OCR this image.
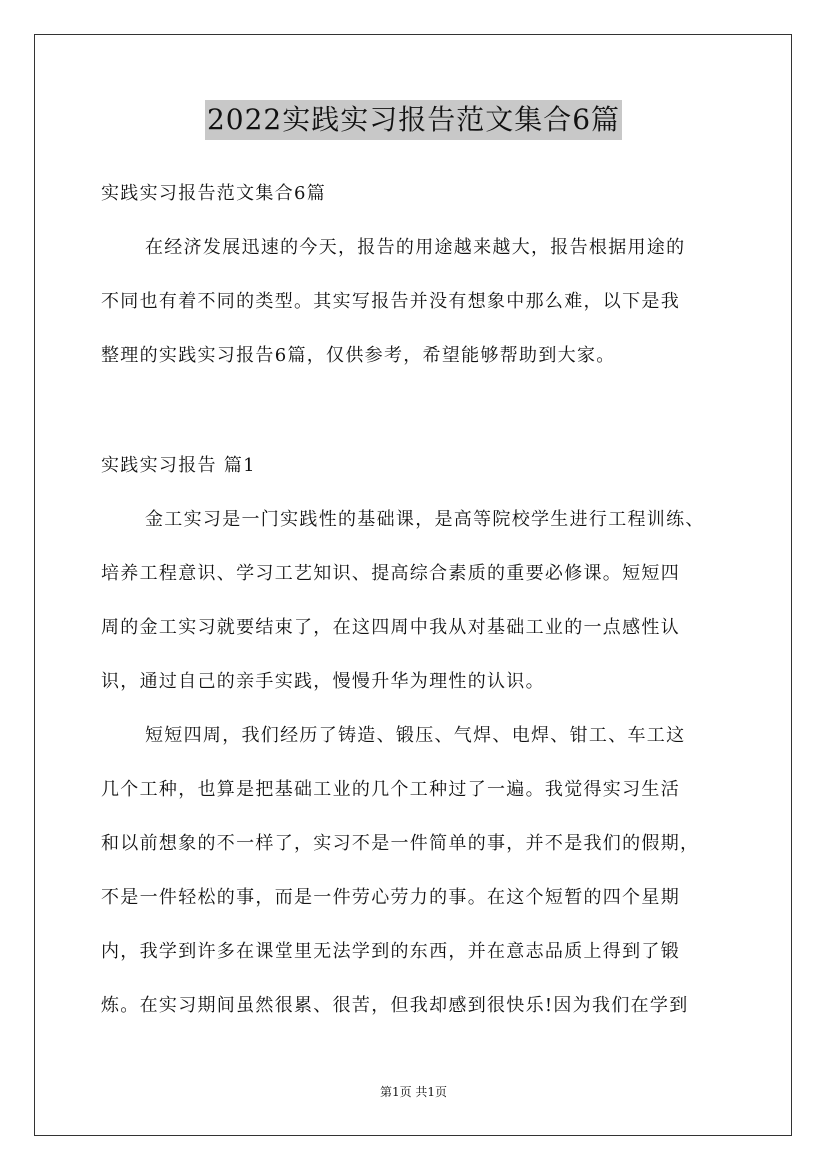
2022实践实习报告范文集合6篇
实践实习报告范文集合6篇
在经济发展迅速的今天，报告的用途越来越大，报告根据用途的
不同也有着不同的类型。其实写报告并没有想象中那么难，以下是我
整理的实践实习报告6篇，仅供参考，希望能够帮助到大家。
实践实习报告 篇1
金工实习是一门实践性的基础课，是高等院校学生进行工程训练、
培养工程意识、学习工艺知识、提高综合素质的重要必修课。短短四
周的金工实习就要结束了，在这四周中我从对基础工业的一点感性认
识，通过自己的亲手实践，慢慢升华为理性的认识。
短短四周，我们经历了铸造、锻压、气焊、电焊、钳工、车工这
几个工种，也算是把基础工业的几个工种过了一遍。我觉得实习生活
和以前想象的不一样了，实习不是一件简单的事，并不是我们的假期，
不是一件轻松的事，而是一件劳心劳力的事。在这个短暂的四个星期
内，我学到许多在课堂里无法学到的东西，并在意志品质上得到了锻
炼。在实习期间虽然很累、很苦，但我却感到很快乐!因为我们在学到
第1页 共1页
